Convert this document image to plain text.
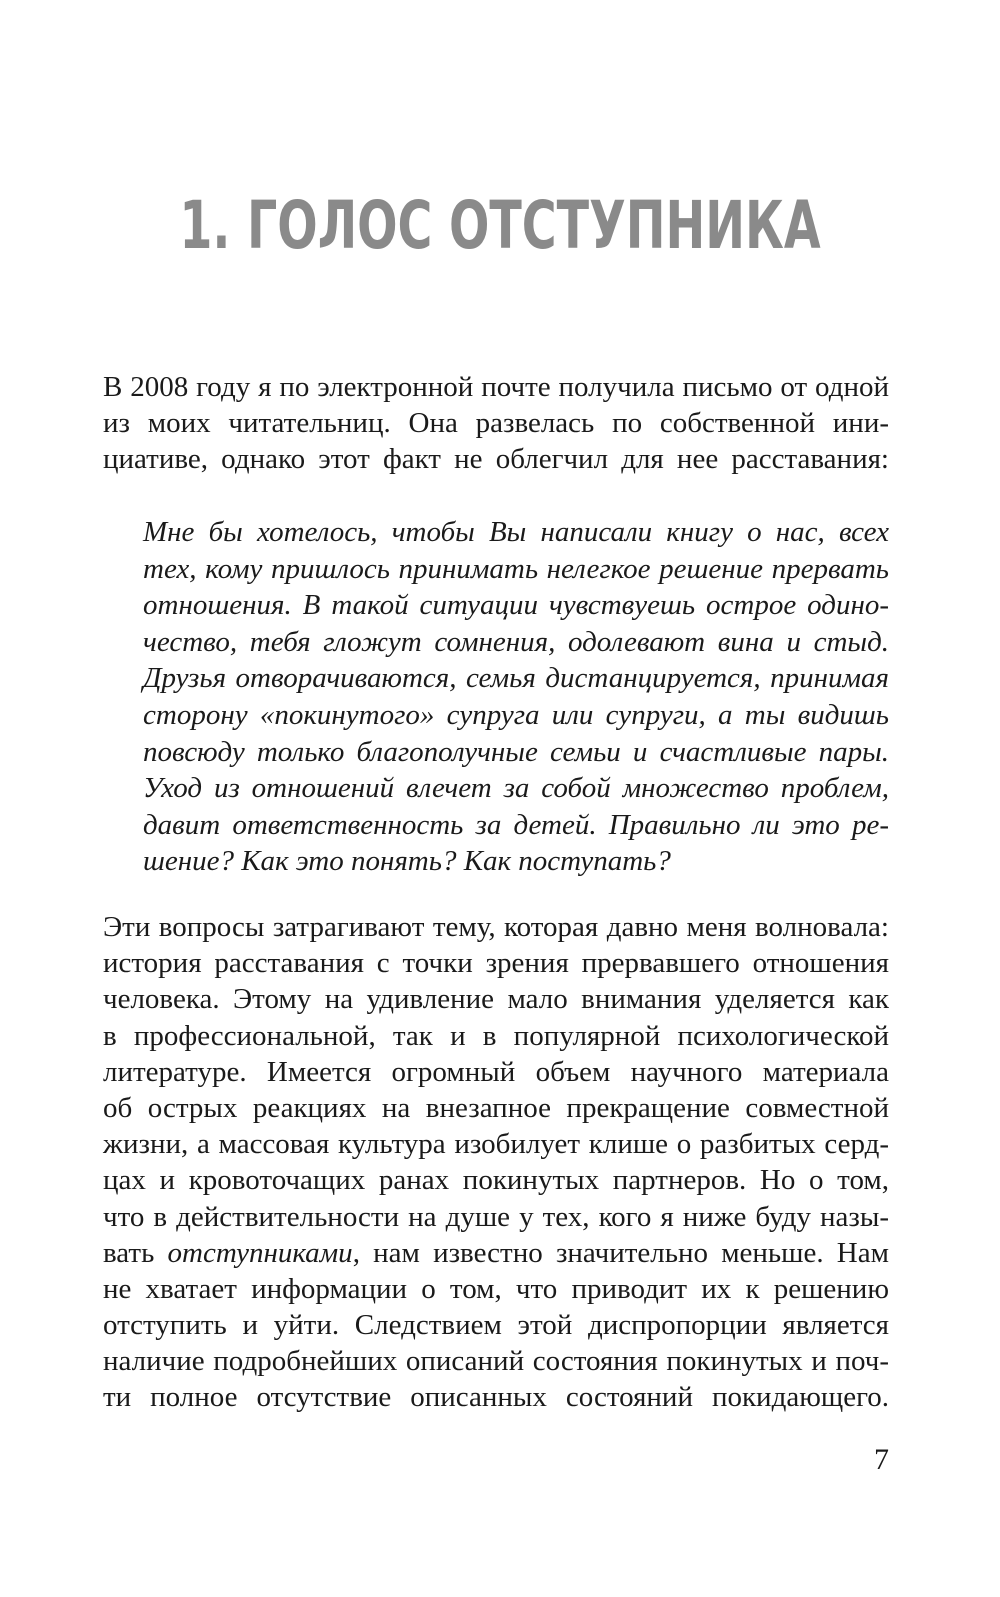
1. ГОЛОС ОТСТУПНИКА
В 2008 году я по электронной почте получила письмо от одной
из моих читательниц. Она развелась по собственной ини-
циативе, однако этот факт не облегчил для нее расставания:
Мне бы хотелось, чтобы Вы написали книгу о нас, всех
тех, кому пришлось принимать нелегкое решение прервать
отношения. В такой ситуации чувствуешь острое одино-
чество, тебя гложут сомнения, одолевают вина и стыд.
Друзья отворачиваются, семья дистанцируется, принимая
сторону «покинутого» супруга или супруги, а ты видишь
повсюду только благополучные семьи и счастливые пары.
Уход из отношений влечет за собой множество проблем,
давит ответственность за детей. Правильно ли это ре-
шение? Как это понять? Как поступать?
Эти вопросы затрагивают тему, которая давно меня волновала:
история расставания с точки зрения прервавшего отношения
человека. Этому на удивление мало внимания уделяется как
в профессиональной, так и в популярной психологической
литературе. Имеется огромный объем научного материала
об острых реакциях на внезапное прекращение совместной
жизни, а массовая культура изобилует клише о разбитых серд-
цах и кровоточащих ранах покинутых партнеров. Но о том,
что в действительности на душе у тех, кого я ниже буду назы-
вать отступниками, нам известно значительно меньше. Нам
не хватает информации о том, что приводит их к решению
отступить и уйти. Следствием этой диспропорции является
наличие подробнейших описаний состояния покинутых и поч-
ти полное отсутствие описанных состояний покидающего.
7
